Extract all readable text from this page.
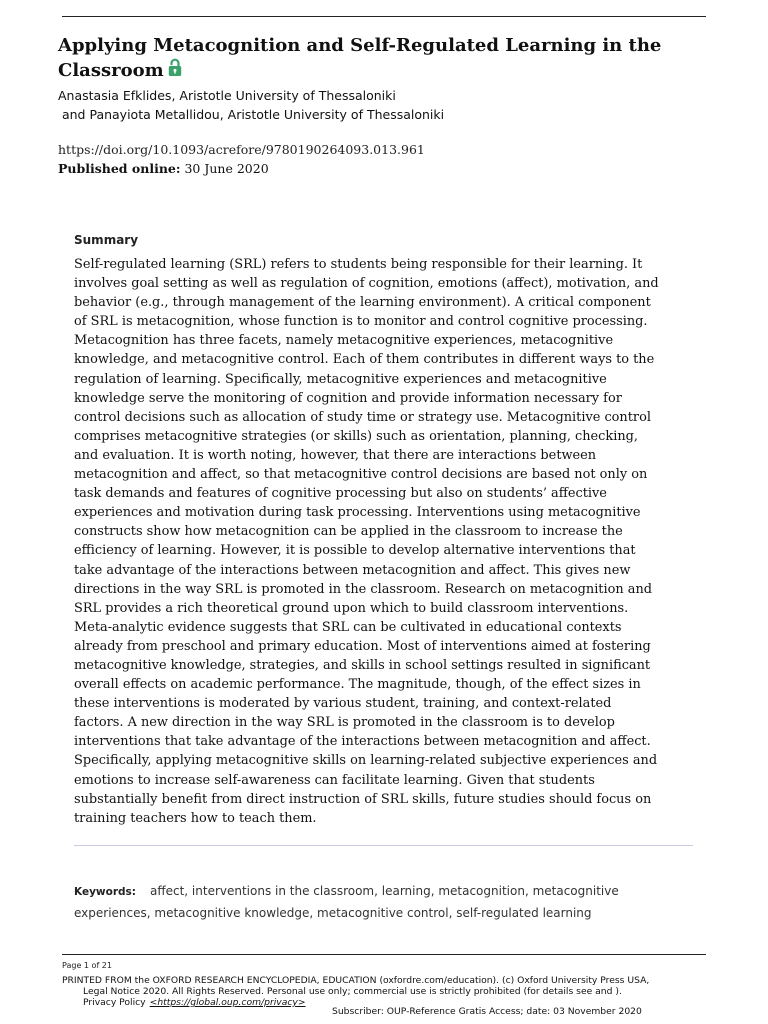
Applying Metacognition and Self-Regulated Learning in the
Classroom
Anastasia Efklides, Aristotle University of Thessaloniki
and Panayiota Metallidou, Aristotle University of Thessaloniki
https://doi.org/10.1093/acrefore/9780190264093.013.961
Published online: 30 June 2020
Summary
Self-regulated learning (SRL) refers to students being responsible for their learning. It
involves goal setting as well as regulation of cognition, emotions (affect), motivation, and
behavior (e.g., through management of the learning environment). A critical component
of SRL is metacognition, whose function is to monitor and control cognitive processing.
Metacognition has three facets, namely metacognitive experiences, metacognitive
knowledge, and metacognitive control. Each of them contributes in different ways to the
regulation of learning. Specifically, metacognitive experiences and metacognitive
knowledge serve the monitoring of cognition and provide information necessary for
control decisions such as allocation of study time or strategy use. Metacognitive control
comprises metacognitive strategies (or skills) such as orientation, planning, checking,
and evaluation. It is worth noting, however, that there are interactions between
metacognition and affect, so that metacognitive control decisions are based not only on
task demands and features of cognitive processing but also on students’ affective
experiences and motivation during task processing. Interventions using metacognitive
constructs show how metacognition can be applied in the classroom to increase the
efficiency of learning. However, it is possible to develop alternative interventions that
take advantage of the interactions between metacognition and affect. This gives new
directions in the way SRL is promoted in the classroom. Research on metacognition and
SRL provides a rich theoretical ground upon which to build classroom interventions.
Meta-analytic evidence suggests that SRL can be cultivated in educational contexts
already from preschool and primary education. Most of interventions aimed at fostering
metacognitive knowledge, strategies, and skills in school settings resulted in significant
overall effects on academic performance. The magnitude, though, of the effect sizes in
these interventions is moderated by various student, training, and context-related
factors. A new direction in the way SRL is promoted in the classroom is to develop
interventions that take advantage of the interactions between metacognition and affect.
Specifically, applying metacognitive skills on learning-related subjective experiences and
emotions to increase self-awareness can facilitate learning. Given that students
substantially benefit from direct instruction of SRL skills, future studies should focus on
training teachers how to teach them.
Keywords: affect, interventions in the classroom, learning, metacognition, metacognitive
experiences, metacognitive knowledge, metacognitive control, self-regulated learning
Page 1 of 21
PRINTED FROM the OXFORD RESEARCH ENCYCLOPEDIA, EDUCATION (oxfordre.com/education). (c) Oxford University Press USA,
Legal Notice 2020. All Rights Reserved. Personal use only; commercial use is strictly prohibited (for details see and ).
Privacy Policy <https://global.oup.com/privacy>
Subscriber: OUP-Reference Gratis Access; date: 03 November 2020
